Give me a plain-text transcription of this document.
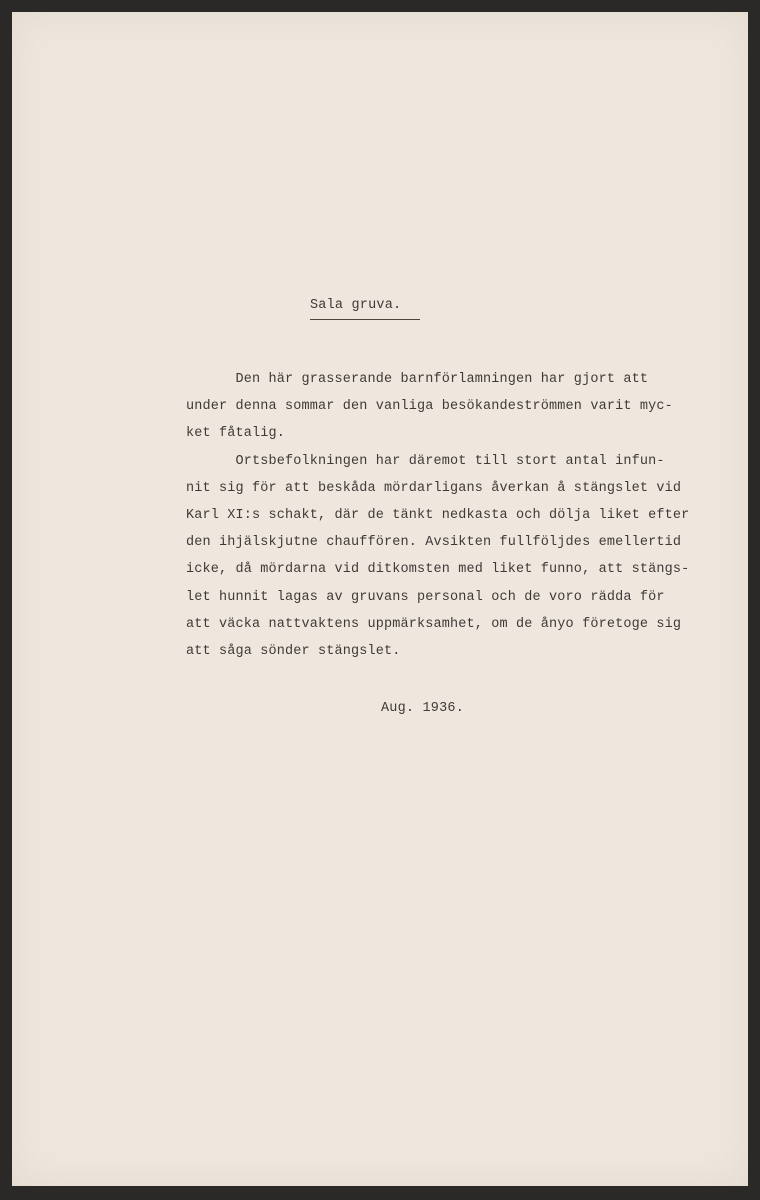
Sala gruva.

Den här grasserande barnförlamningen har gjort att
under denna sommar den vanliga besökandeströmmen varit myc-
ket fåtalig.

Ortsbefolkningen har däremot till stort antal infun-
nit sig för att beskåda mördarligans åverkan å stängslet vid
Karl XI:s schakt, där de tänkt nedkasta och dölja liket efter
den ihjälskjutne chauffören. Avsikten fullföljdes emellertid
icke, då mördarna vid ditkomsten med liket funno, att stängs-
let hunnit lagas av gruvans personal och de voro rädda för
att väcka nattvaktens uppmärksamhet, om de ånyo företoge sig
att såga sönder stängslet.

Aug. 1936.
